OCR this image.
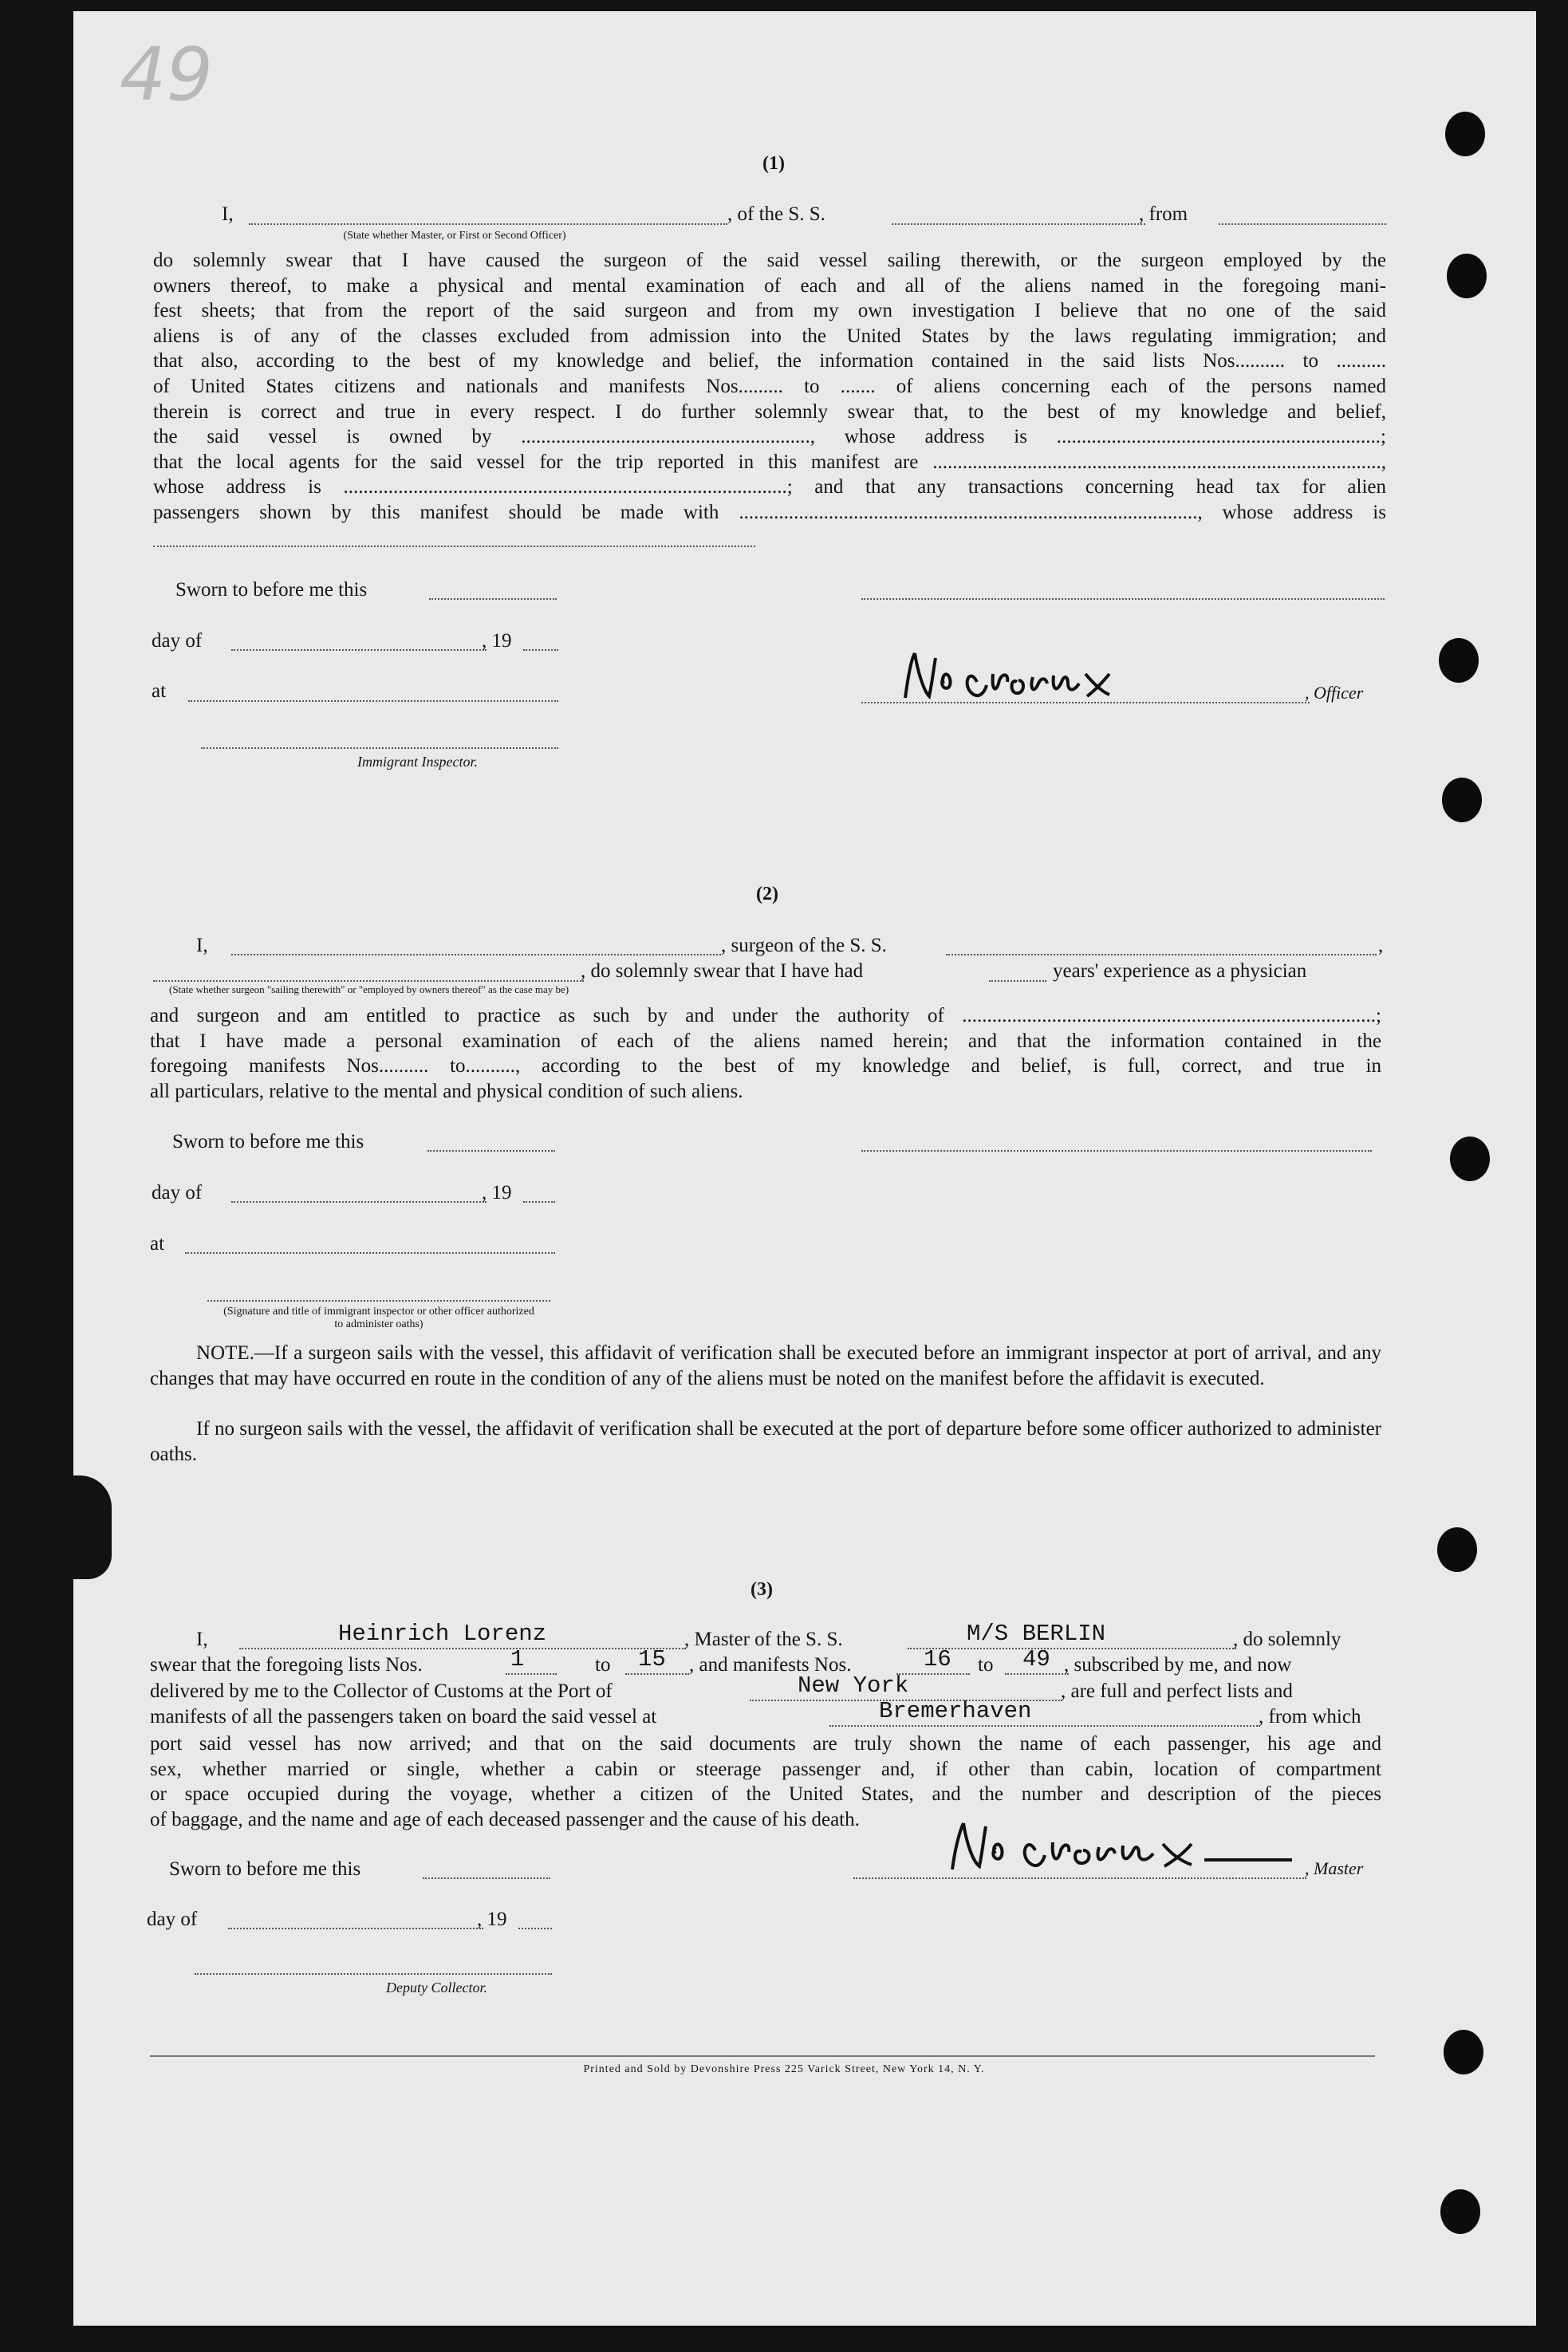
49
(1)
I,	, of the S. S.	, from
(State whether Master, or First or Second Officer)
do solemnly swear that I have caused the surgeon of the said vessel sailing therewith, or the surgeon employed by the
owners thereof, to make a physical and mental examination of each and all of the aliens named in the foregoing mani-
fest sheets; that from the report of the said surgeon and from my own investigation I believe that no one of the said
aliens is of any of the classes excluded from admission into the United States by the laws regulating immigration; and
that also, according to the best of my knowledge and belief, the information contained in the said lists Nos.......... to ..........
of United States citizens and nationals and manifests Nos......... to ....... of aliens concerning each of the persons named
therein is correct and true in every respect. I do further solemnly swear that, to the best of my knowledge and belief,
the said vessel is owned by .........................................................., whose address is .................................................................;
that the local agents for the said vessel for the trip reported in this manifest are ..........................................................................................,
whose address is .........................................................................................; and that any transactions concerning head tax for alien
passengers shown by this manifest should be made with ............................................................................................, whose address is
Sworn to before me this
day of	, 19
at	, Officer
Immigrant Inspector.
(2)
I,	, surgeon of the S. S.	,
, do solemnly swear that I have had	years' experience as a physician
(State whether surgeon "sailing therewith" or "employed by owners thereof" as the case may be)
and surgeon and am entitled to practice as such by and under the authority of ...................................................................................;
that I have made a personal examination of each of the aliens named herein; and that the information contained in the
foregoing manifests Nos.......... to.........., according to the best of my knowledge and belief, is full, correct, and true in
all particulars, relative to the mental and physical condition of such aliens.
Sworn to before me this
day of	, 19
at
(Signature and title of immigrant inspector or other officer authorized to administer oaths)

NOTE.—If a surgeon sails with the vessel, this affidavit of verification shall be executed before an immigrant inspector at port of arrival, and any changes that may have occurred en route in the condition of any of the aliens must be noted on the manifest before the affidavit is executed.

If no surgeon sails with the vessel, the affidavit of verification shall be executed at the port of departure before some officer authorized to administer oaths.

(3)
I,	Heinrich Lorenz	, Master of the S. S.	M/S BERLIN	, do solemnly
swear that the foregoing lists Nos.	1	to 15 , and manifests Nos.	16 to 49 , subscribed by me, and now
delivered by me to the Collector of Customs at the Port of	New York	, are full and perfect lists and
manifests of all the passengers taken on board the said vessel at	Bremerhaven	, from which
port said vessel has now arrived; and that on the said documents are truly shown the name of each passenger, his age and
sex, whether married or single, whether a cabin or steerage passenger and, if other than cabin, location of compartment
or space occupied during the voyage, whether a citizen of the United States, and the number and description of the pieces
of baggage, and the name and age of each deceased passenger and the cause of his death.
Sworn to before me this	, Master
day of	, 19
Deputy Collector.
Printed and Sold by Devonshire Press 225 Varick Street, New York 14, N. Y.
